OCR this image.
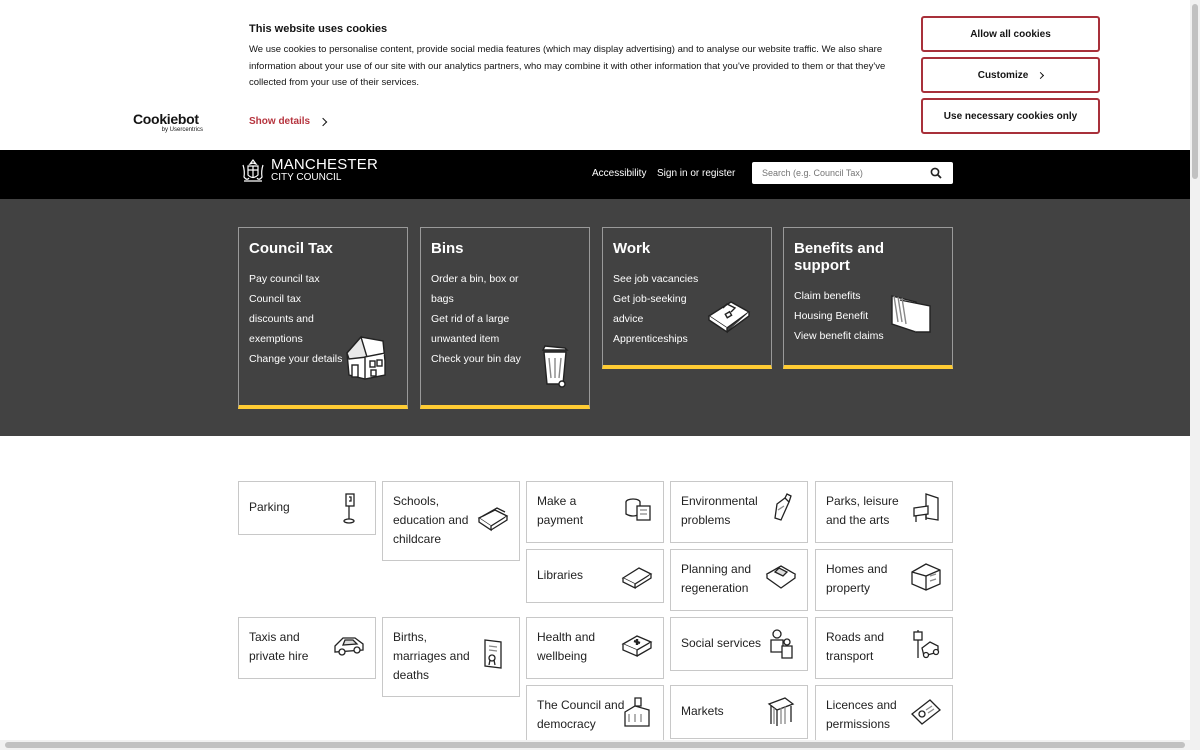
Cookiebot
by Usercentrics
This website uses cookies
We use cookies to personalise content, provide social media features (which may display advertising) and to analyse our website traffic. We also share information about your use of our site with our analytics partners, who may combine it with other information that you've provided to them or that they've collected from your use of their services.
Show details
Allow all cookies
Customize
Use necessary cookies only
MANCHESTER
CITY COUNCIL	Accessibility Sign in or register
Search (e.g. Council Tax)
Council Tax
Pay council tax
Council tax discounts and exemptions
Change your details
Bins
Order a bin, box or bags
Get rid of a large unwanted item
Check your bin day
Work
See job vacancies
Get job-seeking advice
Apprenticeships
Benefits and support
Claim benefits
Housing Benefit
View benefit claims
Parking	Schools, education and childcare
Make a payment
Environmental problems
Parks, leisure and the arts
Libraries	Planning and regeneration
Homes and property
Taxis and private hire
Births, marriages and deaths
Health and wellbeing
Social services	Roads and transport
The Council and democracy
Markets	Licences and permissions
